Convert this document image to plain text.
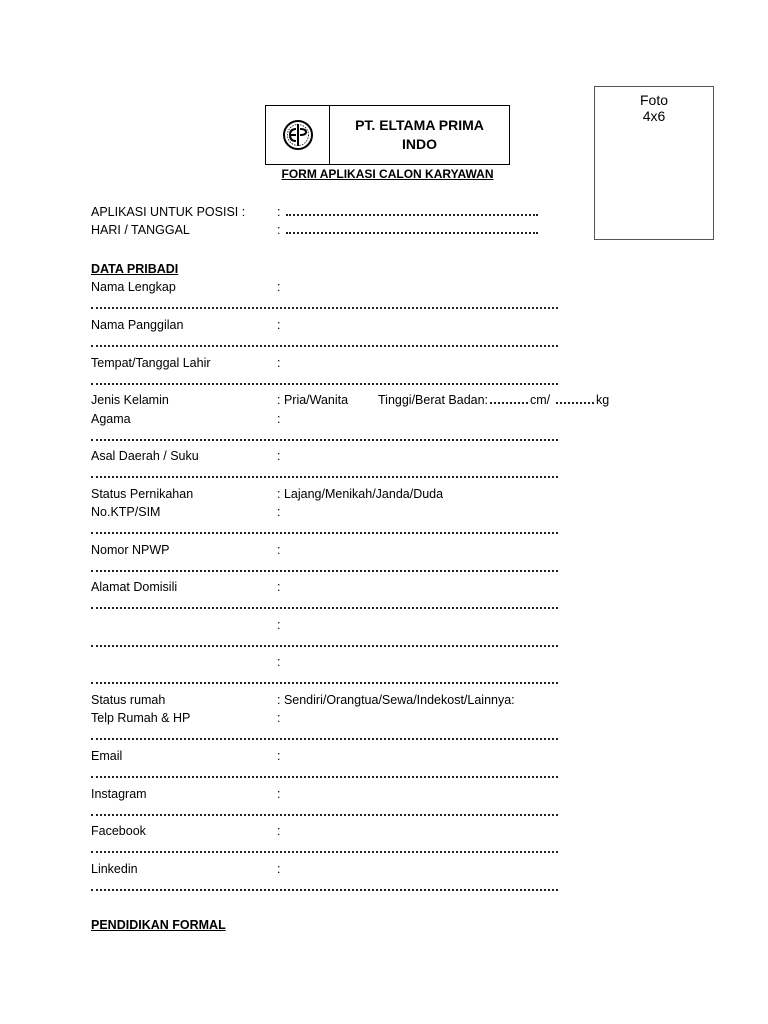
Foto
4x6
PT. ELTAMA PRIMA
INDO
FORM APLIKASI CALON KARYAWAN
APLIKASI UNTUK POSISI :	:
HARI / TANGGAL	:
DATA PRIBADI
Nama Lengkap	:
Nama Panggilan	:
Tempat/Tanggal Lahir	:
Jenis Kelamin	: Pria/Wanita Tinggi/Berat Badan:	cm/	kg
Agama	:
Asal Daerah / Suku	:
Status Pernikahan	: Lajang/Menikah/Janda/Duda
No.KTP/SIM	:
Nomor NPWP	:
Alamat Domisili	:
:
:
Status rumah	: Sendiri/Orangtua/Sewa/Indekost/Lainnya:
Telp Rumah & HP	:
Email	:
Instagram	:
Facebook	:
Linkedin	:
PENDIDIKAN FORMAL
